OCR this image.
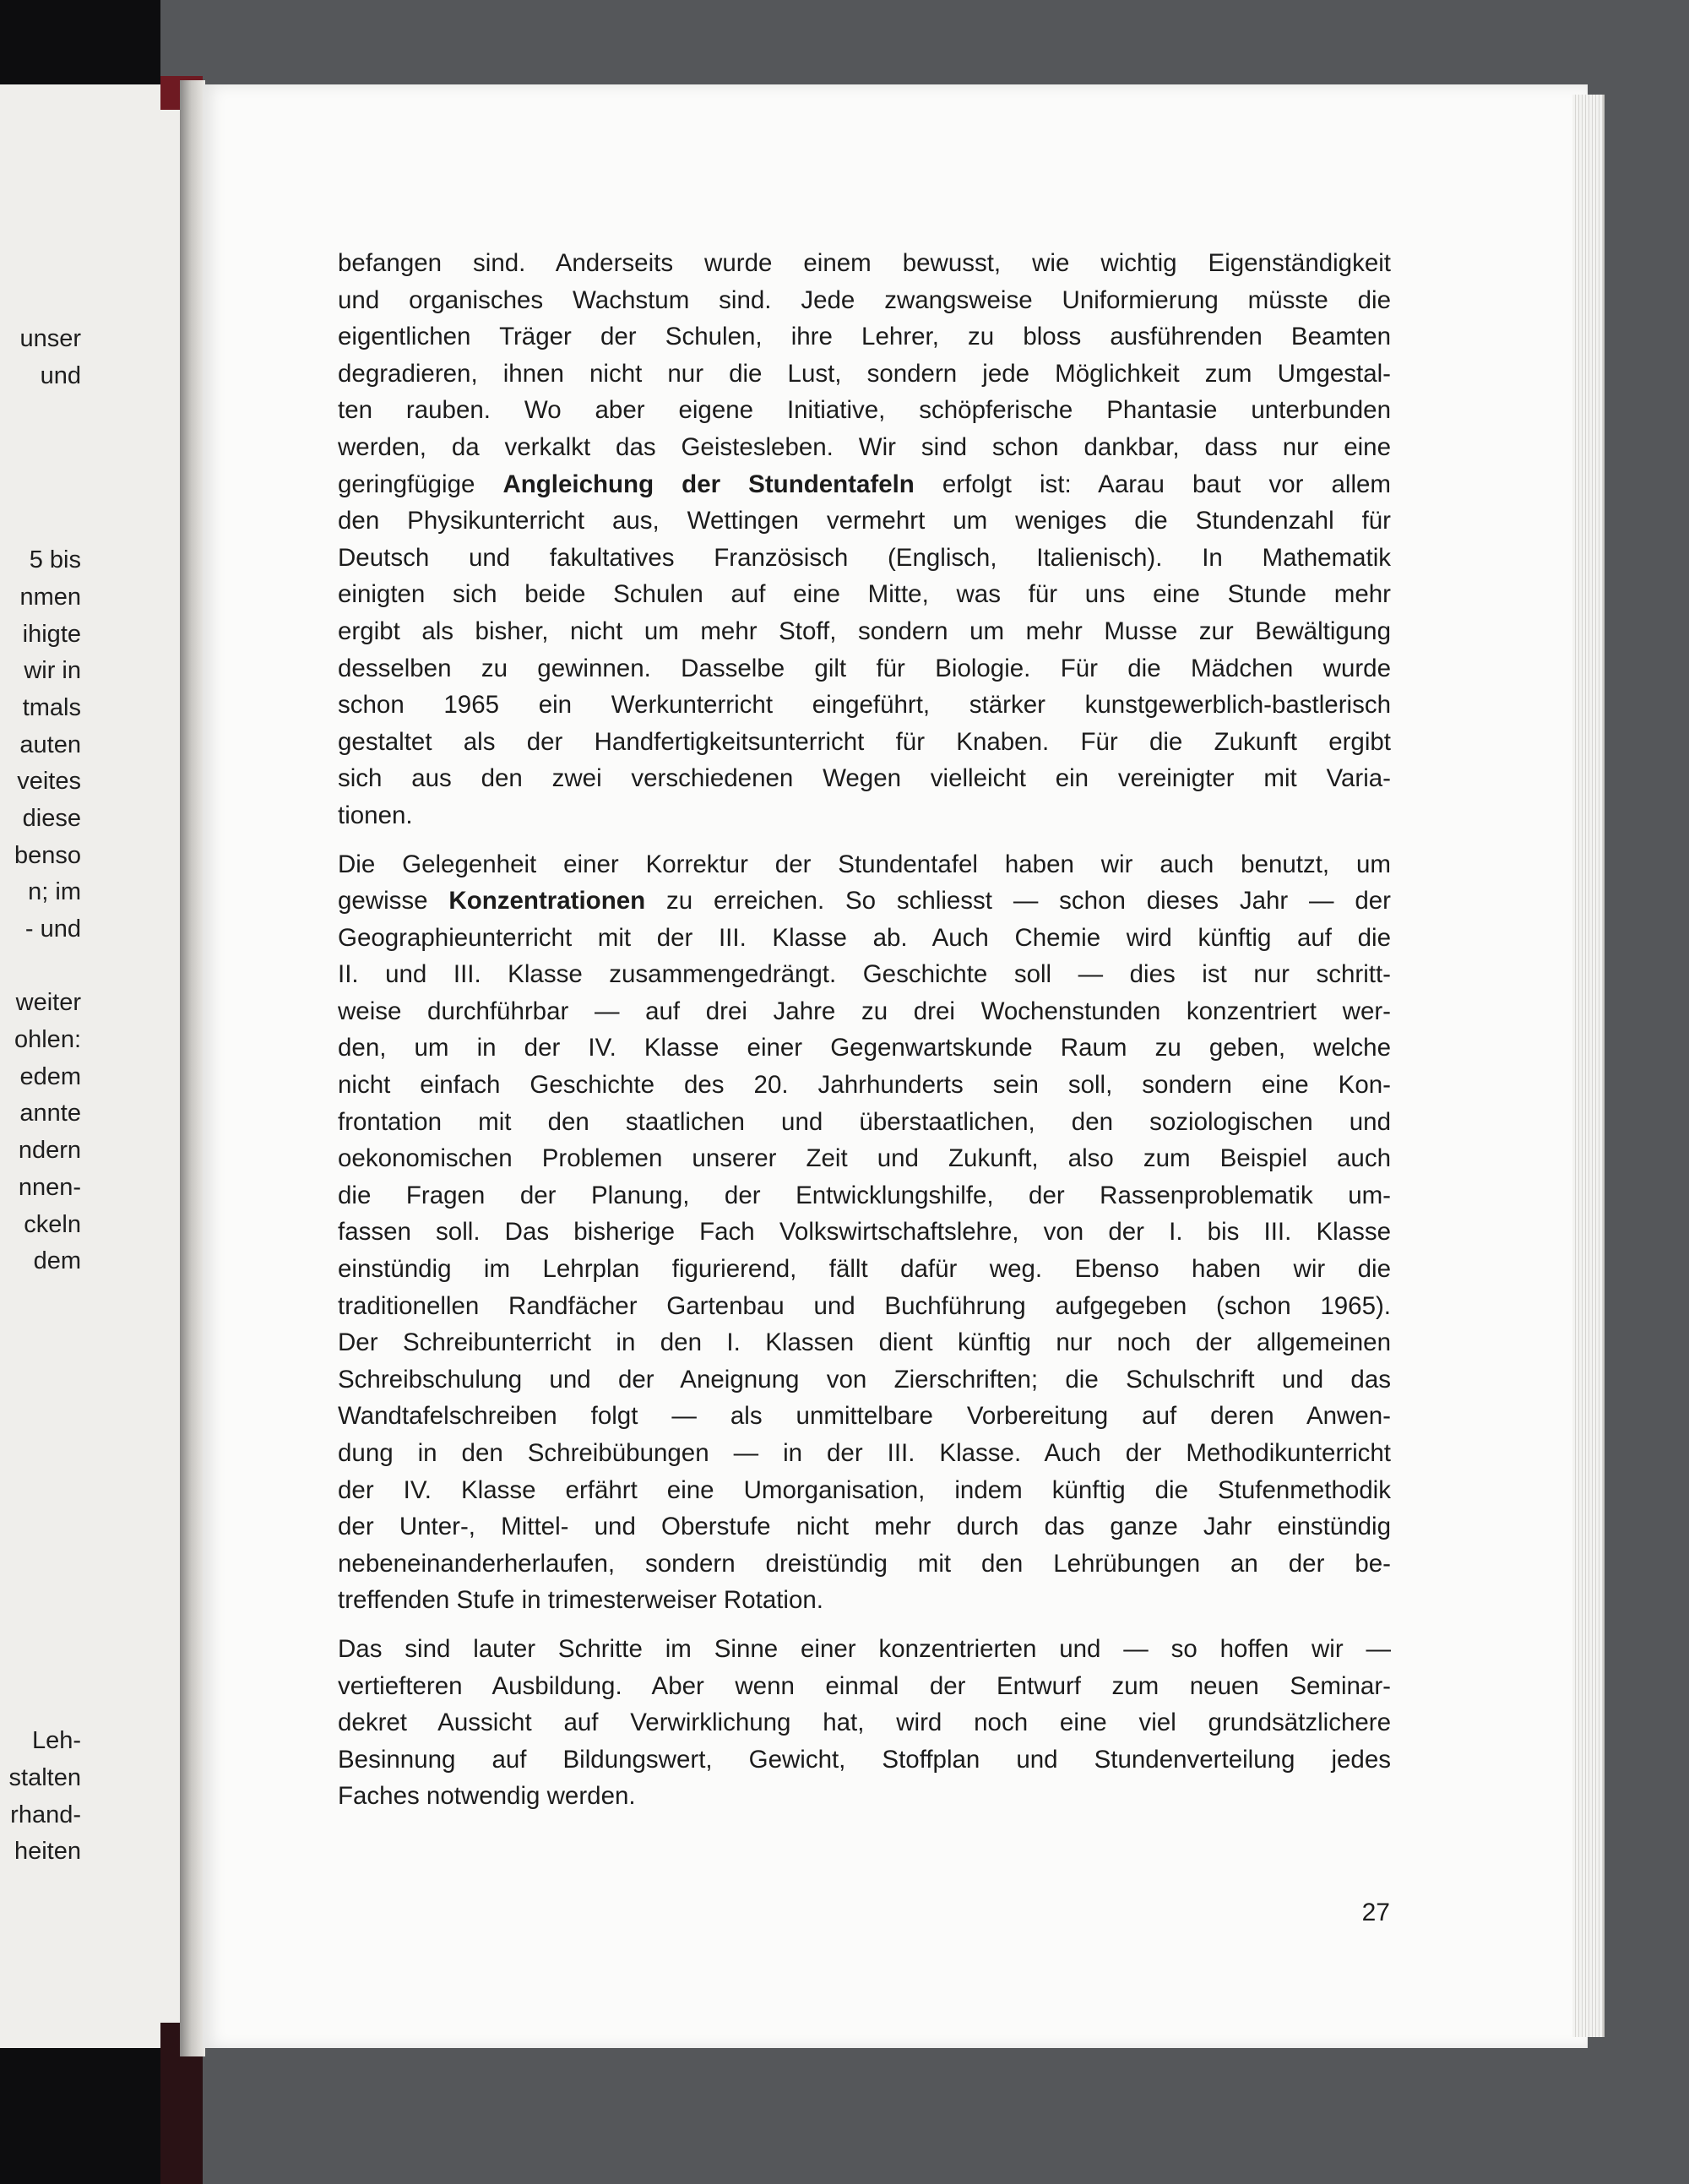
unser
und
5 bis
nmen
ihigte
wir in
tmals
auten
veites
diese
benso
n; im
- und
weiter
ohlen:
edem
annte
ndern
nnen-
ckeln
dem
Leh-
stalten
rhand-
heiten
befangen sind. Anderseits wurde einem bewusst, wie wichtig Eigenständigkeit
und organisches Wachstum sind. Jede zwangsweise Uniformierung müsste die
eigentlichen Träger der Schulen, ihre Lehrer, zu bloss ausführenden Beamten
degradieren, ihnen nicht nur die Lust, sondern jede Möglichkeit zum Umgestal-
ten rauben. Wo aber eigene Initiative, schöpferische Phantasie unterbunden
werden, da verkalkt das Geistesleben. Wir sind schon dankbar, dass nur eine
geringfügige Angleichung der Stundentafeln erfolgt ist: Aarau baut vor allem
den Physikunterricht aus, Wettingen vermehrt um weniges die Stundenzahl für
Deutsch und fakultatives Französisch (Englisch, Italienisch). In Mathematik
einigten sich beide Schulen auf eine Mitte, was für uns eine Stunde mehr
ergibt als bisher, nicht um mehr Stoff, sondern um mehr Musse zur Bewältigung
desselben zu gewinnen. Dasselbe gilt für Biologie. Für die Mädchen wurde
schon 1965 ein Werkunterricht eingeführt, stärker kunstgewerblich-bastlerisch
gestaltet als der Handfertigkeitsunterricht für Knaben. Für die Zukunft ergibt
sich aus den zwei verschiedenen Wegen vielleicht ein vereinigter mit Varia-
tionen.
Die Gelegenheit einer Korrektur der Stundentafel haben wir auch benutzt, um
gewisse Konzentrationen zu erreichen. So schliesst — schon dieses Jahr — der
Geographieunterricht mit der III. Klasse ab. Auch Chemie wird künftig auf die
II. und III. Klasse zusammengedrängt. Geschichte soll — dies ist nur schritt-
weise durchführbar — auf drei Jahre zu drei Wochenstunden konzentriert wer-
den, um in der IV. Klasse einer Gegenwartskunde Raum zu geben, welche
nicht einfach Geschichte des 20. Jahrhunderts sein soll, sondern eine Kon-
frontation mit den staatlichen und überstaatlichen, den soziologischen und
oekonomischen Problemen unserer Zeit und Zukunft, also zum Beispiel auch
die Fragen der Planung, der Entwicklungshilfe, der Rassenproblematik um-
fassen soll. Das bisherige Fach Volkswirtschaftslehre, von der I. bis III. Klasse
einstündig im Lehrplan figurierend, fällt dafür weg. Ebenso haben wir die
traditionellen Randfächer Gartenbau und Buchführung aufgegeben (schon 1965).
Der Schreibunterricht in den I. Klassen dient künftig nur noch der allgemeinen
Schreibschulung und der Aneignung von Zierschriften; die Schulschrift und das
Wandtafelschreiben folgt — als unmittelbare Vorbereitung auf deren Anwen-
dung in den Schreibübungen — in der III. Klasse. Auch der Methodikunterricht
der IV. Klasse erfährt eine Umorganisation, indem künftig die Stufenmethodik
der Unter-, Mittel- und Oberstufe nicht mehr durch das ganze Jahr einstündig
nebeneinanderherlaufen, sondern dreistündig mit den Lehrübungen an der be-
treffenden Stufe in trimesterweiser Rotation.
Das sind lauter Schritte im Sinne einer konzentrierten und — so hoffen wir —
vertiefteren Ausbildung. Aber wenn einmal der Entwurf zum neuen Seminar-
dekret Aussicht auf Verwirklichung hat, wird noch eine viel grundsätzlichere
Besinnung auf Bildungswert, Gewicht, Stoffplan und Stundenverteilung jedes
Faches notwendig werden.
27
